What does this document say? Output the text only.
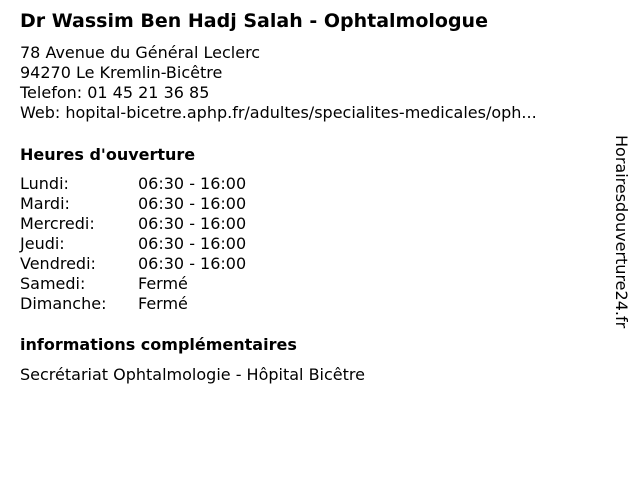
Dr Wassim Ben Hadj Salah - Ophtalmologue
78 Avenue du Général Leclerc
94270 Le Kremlin-Bicêtre
Telefon: 01 45 21 36 85
Web: hopital-bicetre.aphp.fr/adultes/specialites-medicales/oph...
Heures d'ouverture
Lundi:	06:30 - 16:00
Mardi:	06:30 - 16:00
Mercredi:	06:30 - 16:00
Jeudi:	06:30 - 16:00
Vendredi:	06:30 - 16:00
Samedi:	Fermé
Dimanche:	Fermé
informations complémentaires
Secrétariat Ophtalmologie - Hôpital Bicêtre
Horairesdouverture24.fr
